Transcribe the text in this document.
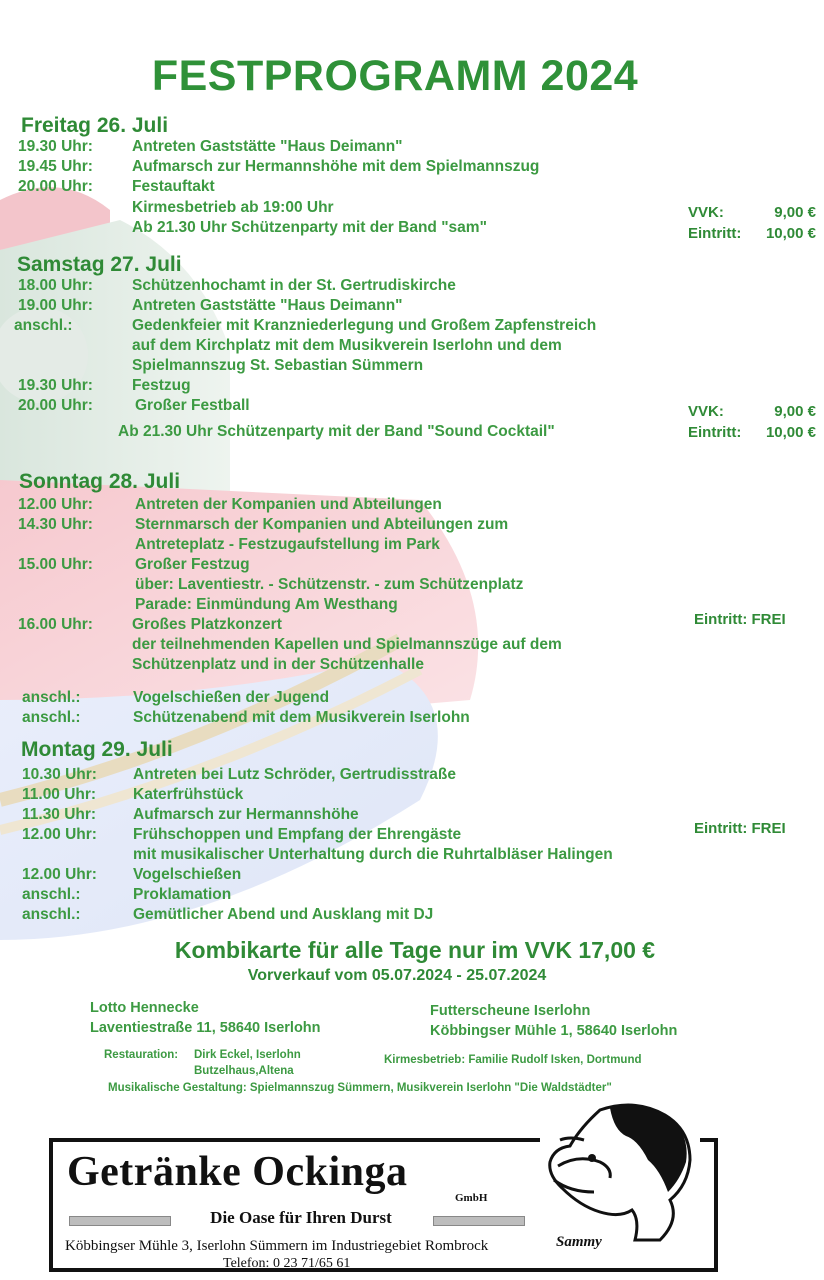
FESTPROGRAMM 2024
Freitag 26. Juli
19.30 Uhr:	Antreten Gaststätte "Haus Deimann"
19.45 Uhr:	Aufmarsch zur Hermannshöhe mit dem Spielmannszug
20.00 Uhr:	Festauftakt
Kirmesbetrieb ab 19:00 Uhr
Ab 21.30 Uhr Schützenparty mit der Band "sam"
VVK:	9,00 €
Eintritt: 10,00 €
Samstag 27. Juli
18.00 Uhr:	Schützenhochamt in der St. Gertrudiskirche
19.00 Uhr:	Antreten Gaststätte "Haus Deimann"
anschl.:	Gedenkfeier mit Kranzniederlegung und Großem Zapfenstreich
auf dem Kirchplatz mit dem Musikverein Iserlohn und dem
Spielmannszug St. Sebastian Sümmern
19.30 Uhr:	Festzug
20.00 Uhr:	Großer Festball
Ab 21.30 Uhr Schützenparty mit der Band "Sound Cocktail"
VVK:	9,00 €
Eintritt: 10,00 €
Sonntag 28. Juli
12.00 Uhr:	Antreten der Kompanien und Abteilungen
14.30 Uhr:	Sternmarsch der Kompanien und Abteilungen zum
Antreteplatz - Festzugaufstellung im Park
15.00 Uhr:	Großer Festzug
über: Laventiestr. - Schützenstr. - zum Schützenplatz
Parade: Einmündung Am Westhang
16.00 Uhr:	Großes Platzkonzert
der teilnehmenden Kapellen und Spielmannszüge auf dem
Schützenplatz und in der Schützenhalle
anschl.:	Vogelschießen der Jugend
anschl.:	Schützenabend mit dem Musikverein Iserlohn
Eintritt: FREI
Montag 29. Juli
10.30 Uhr: Antreten bei Lutz Schröder, Gertrudisstraße
11.00 Uhr: Katerfrühstück
11.30 Uhr: Aufmarsch zur Hermannshöhe
12.00 Uhr: Frühschoppen und Empfang der Ehrengäste
mit musikalischer Unterhaltung durch die Ruhrtalbläser Halingen
12.00 Uhr: Vogelschießen
anschl.:	Proklamation
anschl.:	Gemütlicher Abend und Ausklang mit DJ
Eintritt: FREI
Kombikarte für alle Tage nur im VVK 17,00 €
Vorverkauf vom 05.07.2024 - 25.07.2024
Lotto Hennecke
Laventiestraße 11, 58640 Iserlohn
Futterscheune Iserlohn
Köbbingser Mühle 1, 58640 Iserlohn
Restauration: Dirk Eckel, Iserlohn
Butzelhaus,Altena
Kirmesbetrieb: Familie Rudolf Isken, Dortmund
Musikalische Gestaltung: Spielmannszug Sümmern, Musikverein Iserlohn "Die Waldstädter"
Getränke Ockinga
GmbH
Die Oase für Ihren Durst
Köbbingser Mühle 3, Iserlohn Sümmern im Industriegebiet Rombrock
Telefon: 0 23 71/65 61
Sammy
